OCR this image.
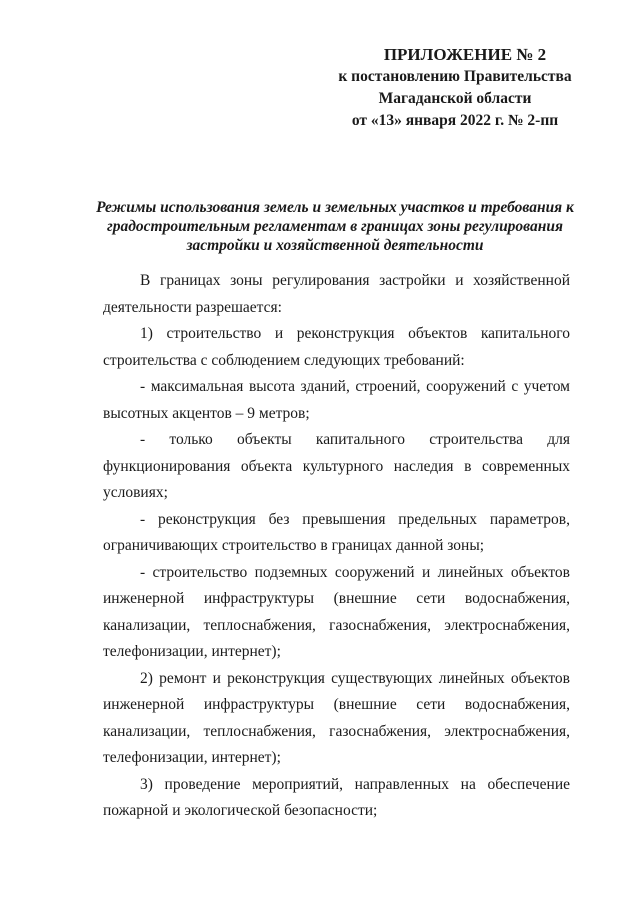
ПРИЛОЖЕНИЕ № 2
к постановлению Правительства
Магаданской области
от «13» января 2022 г. № 2-пп
Режимы использования земель и земельных участков и требования к градостроительным регламентам в границах зоны регулирования застройки и хозяйственной деятельности

В границах зоны регулирования застройки и хозяйственной деятельности разрешается:

1) строительство и реконструкция объектов капитального строительства с соблюдением следующих требований:

- максимальная высота зданий, строений, сооружений с учетом высотных акцентов – 9 метров;

- только объекты капитального строительства для функционирования объекта культурного наследия в современных условиях;

- реконструкция без превышения предельных параметров, ограничивающих строительство в границах данной зоны;

- строительство подземных сооружений и линейных объектов инженерной инфраструктуры (внешние сети водоснабжения, канализации, теплоснабжения, газоснабжения, электроснабжения, телефонизации, интернет);

2) ремонт и реконструкция существующих линейных объектов инженерной инфраструктуры (внешние сети водоснабжения, канализации, теплоснабжения, газоснабжения, электроснабжения, телефонизации, интернет);

3) проведение мероприятий, направленных на обеспечение пожарной и экологической безопасности;
